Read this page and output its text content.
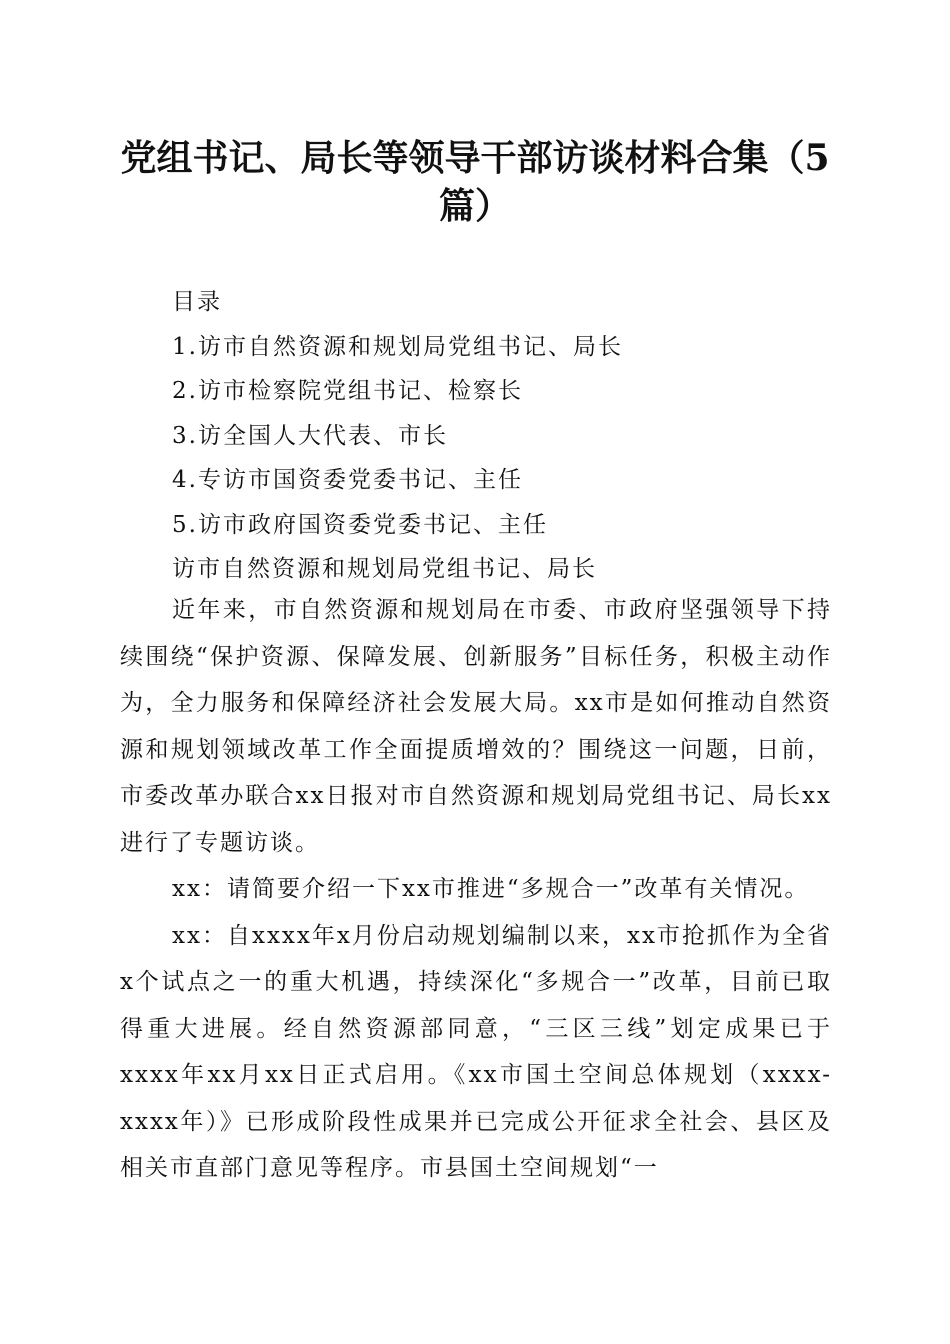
党组书记、局长等领导干部访谈材料合集（5篇）
目录
1.访市自然资源和规划局党组书记、局长
2.访市检察院党组书记、检察长
3.访全国人大代表、市长
4.专访市国资委党委书记、主任
5.访市政府国资委党委书记、主任
访市自然资源和规划局党组书记、局长

近年来，市自然资源和规划局在市委、市政府坚强领导下持续围绕“保护资源、保障发展、创新服务”目标任务，积极主动作为，全力服务和保障经济社会发展大局。xx市是如何推动自然资源和规划领域改革工作全面提质增效的？围绕这一问题，日前，市委改革办联合xx日报对市自然资源和规划局党组书记、局长xx进行了专题访谈。

xx：请简要介绍一下xx市推进“多规合一”改革有关情况。

xx：自xxxx年x月份启动规划编制以来，xx市抢抓作为全省x个试点之一的重大机遇，持续深化“多规合一”改革，目前已取得重大进展。经自然资源部同意，“三区三线”划定成果已于xxxx年xx月xx日正式启用。《xx市国土空间总体规划（xxxx-xxxx年）》已形成阶段性成果并已完成公开征求全社会、县区及相关市直部门意见等程序。市县国土空间规划“一
